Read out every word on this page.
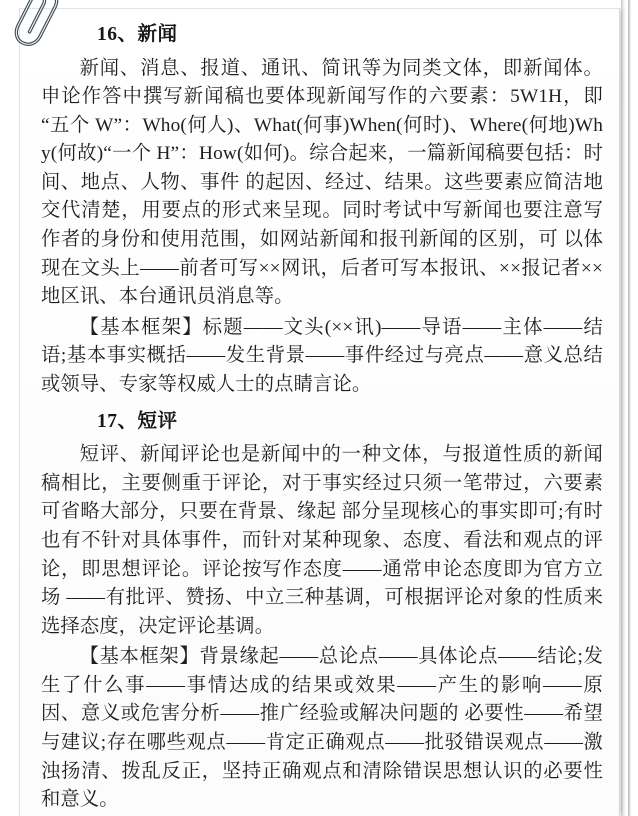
16、新闻

新闻、消息、报道、通讯、简讯等为同类文体，即新闻体。申论作答中撰写新闻稿也要体现新闻写作的六要素：5W1H，即“五个 W”：Who(何人)、What(何事)When(何时)、Where(何地)Why(何故)“一个 H”：How(如何)。综合起来，一篇新闻稿要包括：时间、地点、人物、事件 的起因、经过、结果。这些要素应简洁地交代清楚，用要点的形式来呈现。同时考试中写新闻也要注意写作者的身份和使用范围，如网站新闻和报刊新闻的区别，可 以体现在文头上——前者可写××网讯，后者可写本报讯、××报记者××地区讯、本台通讯员消息等。

【基本框架】标题——文头(××讯)——导语——主体——结语;基本事实概括——发生背景——事件经过与亮点——意义总结或领导、专家等权威人士的点睛言论。

17、短评

短评、新闻评论也是新闻中的一种文体，与报道性质的新闻稿相比，主要侧重于评论，对于事实经过只须一笔带过，六要素可省略大部分，只要在背景、缘起 部分呈现核心的事实即可;有时也有不针对具体事件，而针对某种现象、态度、看法和观点的评论，即思想评论。评论按写作态度——通常申论态度即为官方立场 ——有批评、赞扬、中立三种基调，可根据评论对象的性质来选择态度，决定评论基调。

【基本框架】背景缘起——总论点——具体论点——结论;发生了什么事——事情达成的结果或效果——产生的影响——原因、意义或危害分析——推广经验或解决问题的 必要性——希望与建议;存在哪些观点——肯定正确观点——批驳错误观点——激浊扬清、拨乱反正，坚持正确观点和清除错误思想认识的必要性和意义。
